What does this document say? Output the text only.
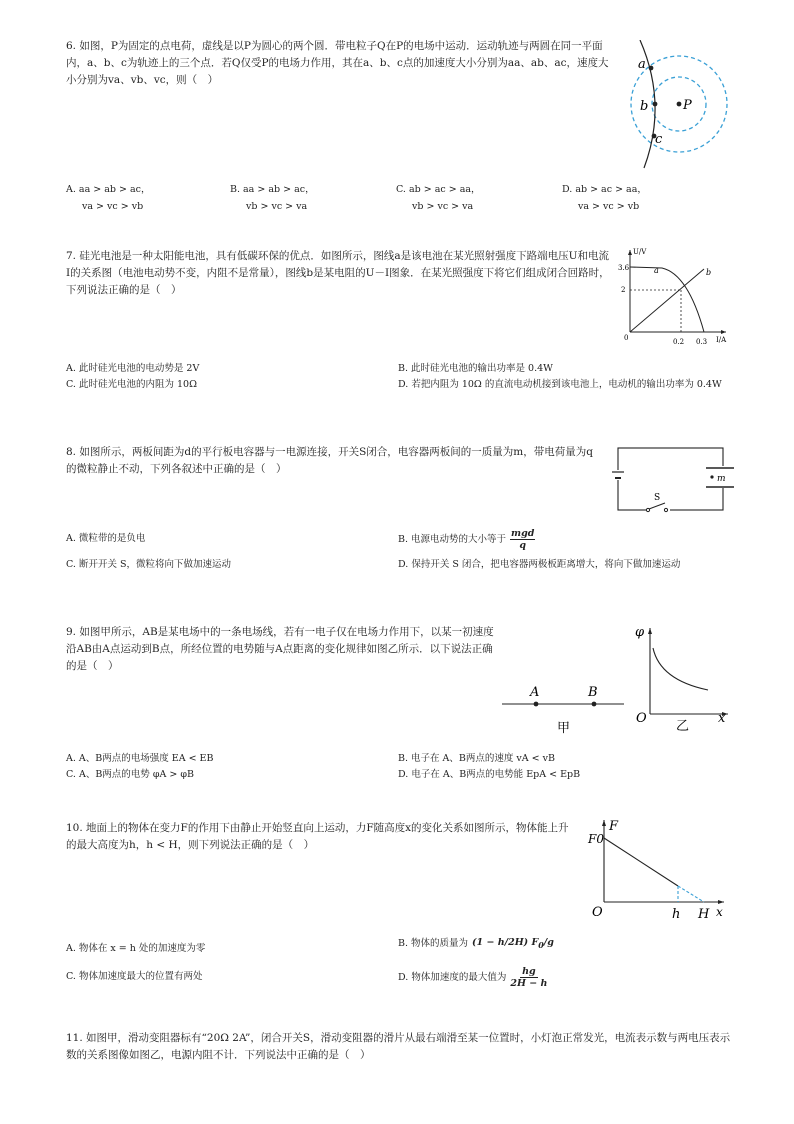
6. 如图，P为固定的点电荷，虚线是以P为圆心的两个圆．带电粒子Q在P的电场中运动．运动轨迹与两圆在同一平面内，a、b、c为轨迹上的三个点．若Q仅受P的电场力作用，其在a、b、c点的加速度大小分别为aa、ab、ac，速度大小分别为va、vb、vc，则（　）
a
b
c
P
A. aa > ab > ac，
va > vc > vb
B. aa > ab > ac，
vb > vc > va
C. ab > ac > aa，
vb > vc > va
D. ab > ac > aa，
va > vc > vb
7. 硅光电池是一种太阳能电池，具有低碳环保的优点．如图所示，图线a是该电池在某光照射强度下路端电压U和电流I的关系图（电池电动势不变，内阻不是常量），图线b是某电阻的U－I图象．在某光照强度下将它们组成闭合回路时，下列说法正确的是（　）
U/V
I/A
3.6
2
0	0.2 0.3
a	b
A. 此时硅光电池的电动势是 2V	B. 此时硅光电池的输出功率是 0.4W
C. 此时硅光电池的内阻为 10Ω	D. 若把内阻为 10Ω 的直流电动机接到该电池上，电动机的输出功率为 0.4W
8. 如图所示，两板间距为d的平行板电容器与一电源连接，开关S闭合，电容器两板间的一质量为m，带电荷量为q的微粒静止不动，下列各叙述中正确的是（　）
m
S
A. 微粒带的是负电	B. 电源电动势的大小等于
mgd
q
C. 断开开关 S，微粒将向下做加速运动	D. 保持开关 S 闭合，把电容器两极板距离增大，将向下做加速运动
9. 如图甲所示，AB是某电场中的一条电场线，若有一电子仅在电场力作用下，以某一初速度沿AB由A点运动到B点，所经位置的电势随与A点距离的变化规律如图乙所示．以下说法正确的是（　）
A	B
甲
φ
O	x
乙
A. A、B两点的电场强度 EA < EB	B. 电子在 A、B两点的速度 vA < vB
C. A、B两点的电势 φA > φB	D. 电子在 A、B两点的电势能 EpA < EpB
10. 地面上的物体在变力F的作用下由静止开始竖直向上运动，力F随高度x的变化关系如图所示，物体能上升的最大高度为h，h < H，则下列说法正确的是（　）
F
F0
O	h H x
A. 物体在 x = h 处的加速度为零	B. 物体的质量为 (1 − h/2H) $F_0/g$
C. 物体加速度最大的位置有两处	D. 物体加速度的最大值为
hg
2H − h
11. 如图甲，滑动变阻器标有“20Ω 2A”，闭合开关S，滑动变阻器的滑片从最右端滑至某一位置时，小灯泡正常发光，电流表示数与两电压表示数的关系图像如图乙，电源内阻不计．下列说法中正确的是（　）
